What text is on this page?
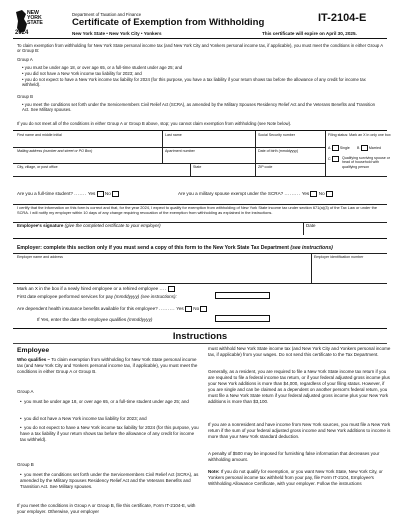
NEW
YORK
STATE
2024
Department of Taxation and Finance
Certificate of Exemption from Withholding
New York State • New York City • Yonkers	This certificate will expire on April 30, 2025.
IT-2104-E
To claim exemption from withholding for New York State personal income tax (and New York City and Yonkers personal income tax, if applicable), you must meet the conditions in either Group A or Group B:
Group A
• you must be under age 18, or over age 65, or a full-time student under age 25; and
• you did not have a New York income tax liability for 2023; and
• you do not expect to have a New York income tax liability for 2024 (for this purpose, you have a tax liability if your return shows tax before the allowance of any credit for income tax withheld).
Group B
• you meet the conditions set forth under the Servicemembers Civil Relief Act (SCRA), as amended by the Military Spouses Residency Relief Act and the Veterans Benefits and Transition Act. See Military spouses.
If you do not meet all of the conditions in either Group A or Group B above, stop; you cannot claim exemption from withholding (see Note below).
First name and middle initial	Last name	Social Security number	Filing status: Mark an X in only one box
A	Single B	Married
Mailing address (number and street or PO Box)	Apartment number	Date of birth (mmddyyyy)
C	Qualifying surviving spouse or head of household with qualifying person
City, village, or post office	State	ZIP code
Are you a full-time student? ....... Yes No	Are you a military spouse exempt under the SCRA? ......... Yes No
I certify that the information on this form is correct and that, for the year 2024, I expect to qualify for exemption from withholding of New York State income tax under section 671(a)(3) of the Tax Law or under the SCRA. I will notify my employer within 10 days of any change requiring revocation of the exemption from withholding as explained in the instructions.
Employee's signature (give the completed certificate to your employer)	Date
Employer: complete this section only if you must send a copy of this form to the New York State Tax Department (see instructions)
Employer name and address	Employer identification number
Mark an X in the box if a newly hired employee or a rehired employee ....
First date employee performed services for pay (mmddyyyy) (see instructions):
Are dependent health insurance benefits available for this employee? ......... Yes No
If Yes, enter the date the employee qualifies (mmddyyyy)
Instructions
Employee

Who qualifies – To claim exemption from withholding for New York State personal income tax (and New York City and Yonkers personal income tax, if applicable), you must meet the conditions in either Group A or Group B.

Group A

•  you must be under age 18, or over age 65, or a full-time student under age 25; and

•  you did not have a New York income tax liability for 2023; and

•  you do not expect to have a New York income tax liability for 2024 (for this purpose, you have a tax liability if your return shows tax before the allowance of any credit for income tax withheld).

Group B

•  you meet the conditions set forth under the Servicemembers Civil Relief Act (SCRA), as amended by the Military Spouses Residency Relief Act and the Veterans Benefits and Transition Act. See Military spouses.

If you meet the conditions in Group A or Group B, file this certificate, Form IT-2104-E, with your employer. Otherwise, your employer

must withhold New York State income tax (and New York City and Yonkers personal income tax, if applicable) from your wages. Do not send this certificate to the Tax Department.

Generally, as a resident, you are required to file a New York State income tax return if you are required to file a federal income tax return, or if your federal adjusted gross income plus your New York additions is more than $4,000, regardless of your filing status. However, if you are single and can be claimed as a dependent on another person's federal return, you must file a New York State return if your federal adjusted gross income plus your New York additions is more than $3,100.

If you are a nonresident and have income from New York sources, you must file a New York return if the sum of your federal adjusted gross income and New York additions to income is more than your New York standard deduction.

A penalty of $500 may be imposed for furnishing false information that decreases your withholding amount.

Note: If you do not qualify for exemption, or you want New York State, New York City, or Yonkers personal income tax withheld from your pay, file Form IT-2104, Employee's Withholding Allowance Certificate, with your employer. Follow the instructions
